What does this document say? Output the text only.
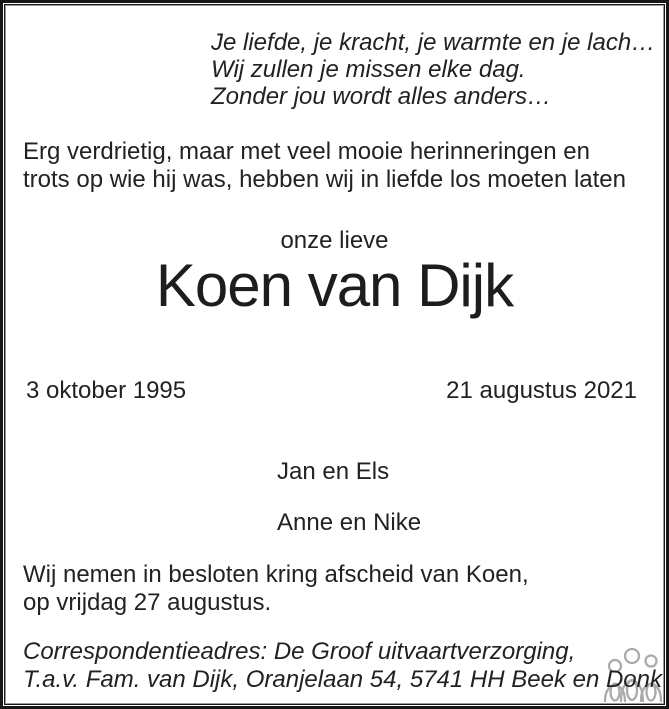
Je liefde, je kracht, je warmte en je lach…
Wij zullen je missen elke dag.
Zonder jou wordt alles anders…
Erg verdrietig, maar met veel mooie herinneringen en
trots op wie hij was, hebben wij in liefde los moeten laten
onze lieve
Koen van Dijk
3 oktober 1995	21 augustus 2021
Jan en Els
Anne en Nike
Wij nemen in besloten kring afscheid van Koen,
op vrijdag 27 augustus.
Correspondentieadres: De Groof uitvaartverzorging,
T.a.v. Fam. van Dijk, Oranjelaan 54, 5741 HH Beek en Donk
